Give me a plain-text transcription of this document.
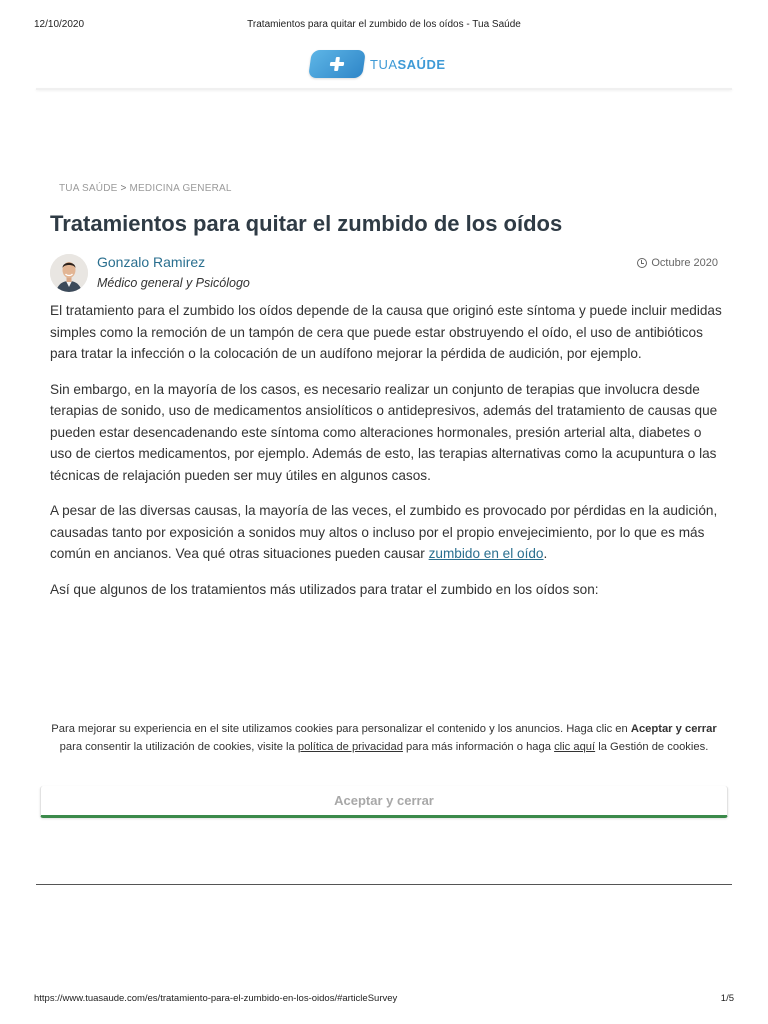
12/10/2020	Tratamientos para quitar el zumbido de los oídos - Tua Saúde
TUASAÚDE
TUA SAÚDE > MEDICINA GENERAL
Tratamientos para quitar el zumbido de los oídos
Gonzalo Ramirez
Médico general y Psicólogo
Octubre 2020

El tratamiento para el zumbido los oídos depende de la causa que originó este síntoma y puede incluir medidas simples como la remoción de un tampón de cera que puede estar obstruyendo el oído, el uso de antibióticos para tratar la infección o la colocación de un audífono mejorar la pérdida de audición, por ejemplo.

Sin embargo, en la mayoría de los casos, es necesario realizar un conjunto de terapias que involucra desde terapias de sonido, uso de medicamentos ansiolíticos o antidepresivos, además del tratamiento de causas que pueden estar desencadenando este síntoma como alteraciones hormonales, presión arterial alta, diabetes o uso de ciertos medicamentos, por ejemplo. Además de esto, las terapias alternativas como la acupuntura o las técnicas de relajación pueden ser muy útiles en algunos casos.

A pesar de las diversas causas, la mayoría de las veces, el zumbido es provocado por pérdidas en la audición, causadas tanto por exposición a sonidos muy altos o incluso por el propio envejecimiento, por lo que es más común en ancianos. Vea qué otras situaciones pueden causar zumbido en el oído.

Así que algunos de los tratamientos más utilizados para tratar el zumbido en los oídos son:

Para mejorar su experiencia en el site utilizamos cookies para personalizar el contenido y los anuncios. Haga clic en Aceptar y cerrar para consentir la utilización de cookies, visite la política de privacidad para más información o haga clic aquí la Gestión de cookies.
Aceptar y cerrar
https://www.tuasaude.com/es/tratamiento-para-el-zumbido-en-los-oidos/#articleSurvey	1/5
